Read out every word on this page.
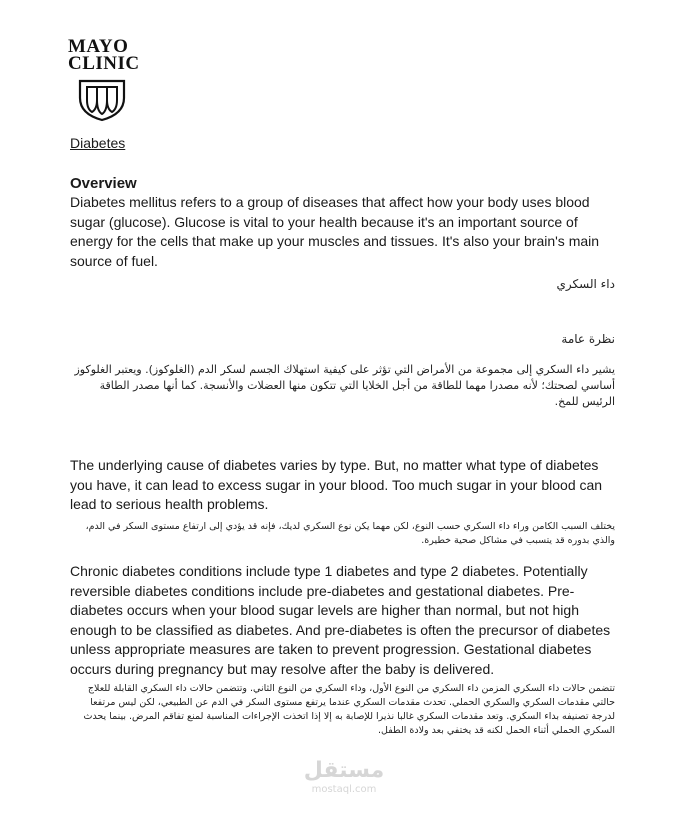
MAYO
CLINIC
Diabetes
Overview

Diabetes mellitus refers to a group of diseases that affect how your body uses blood sugar (glucose). Glucose is vital to your health because it's an important source of energy for the cells that make up your muscles and tissues. It's also your brain's main source of fuel.

داء السكري

نظرة عامة

يشير داء السكري إلى مجموعة من الأمراض التي تؤثر على كيفية استهلاك الجسم لسكر الدم (الغلوكوز). ويعتبر الغلوكوز أساسي لصحتك؛ لأنه مصدرا مهما للطاقة من أجل الخلايا التي تتكون منها العضلات والأنسجة. كما أنها مصدر الطاقة الرئيس للمخ.

The underlying cause of diabetes varies by type. But, no matter what type of diabetes you have, it can lead to excess sugar in your blood. Too much sugar in your blood can lead to serious health problems.

يختلف السبب الكامن وراء داء السكري حسب النوع، لكن مهما يكن نوع السكري لديك، فإنه قد يؤدي إلى ارتفاع مستوى السكر في الدم، والذي بدوره قد يتسبب في مشاكل صحية خطيرة.

Chronic diabetes conditions include type 1 diabetes and type 2 diabetes. Potentially reversible diabetes conditions include pre-diabetes and gestational diabetes. Pre-diabetes occurs when your blood sugar levels are higher than normal, but not high enough to be classified as diabetes. And pre-diabetes is often the precursor of diabetes unless appropriate measures are taken to prevent progression. Gestational diabetes occurs during pregnancy but may resolve after the baby is delivered.

تتضمن حالات داء السكري المزمن داء السكري من النوع الأول، وداء السكري من النوع الثاني. وتتضمن حالات داء السكري القابلة للعلاج حالتي مقدمات السكري والسكري الحملي. تحدث مقدمات السكري عندما يرتفع مستوى السكر في الدم عن الطبيعي، لكن ليس مرتفعا لدرجة تصنيفه بداء السكري. وتعد مقدمات السكري غالبا نذيرا للإصابة به إلا إذا اتخذت الإجراءات المناسبة لمنع تفاقم المرض. بينما يحدث السكري الحملي أثناء الحمل لكنه قد يختفي بعد ولادة الطفل.

مستقل
mostaql.com
